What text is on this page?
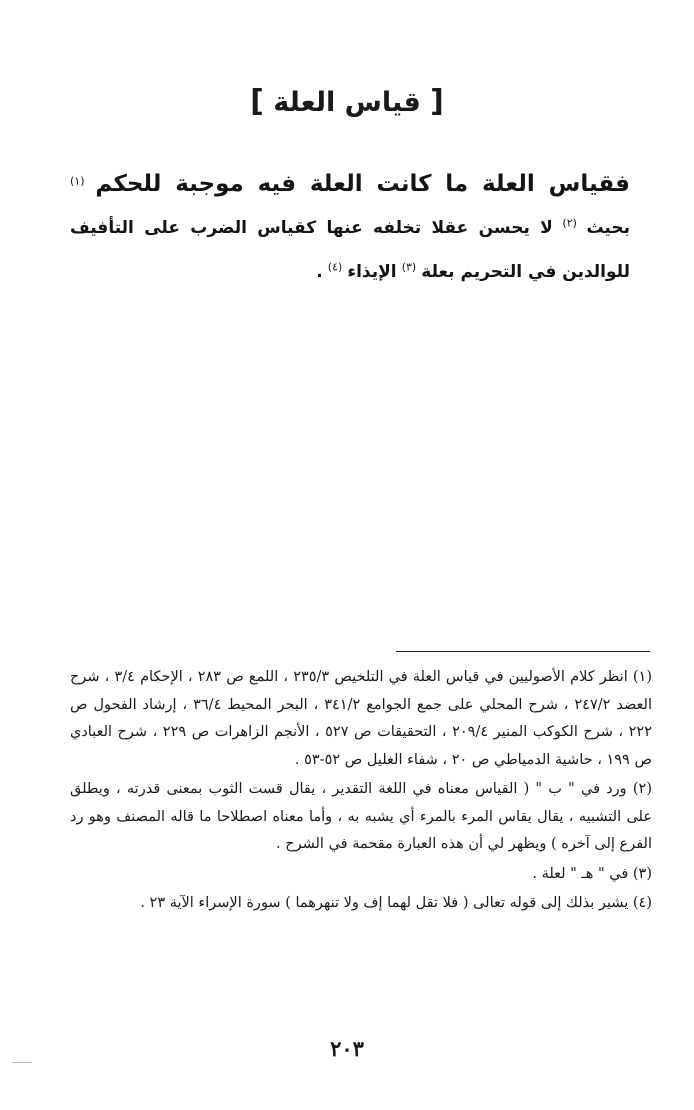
[ قياس العلة ]
فقياس العلة ما كانت العلة فيه موجبة للحكم $^{(١)}$ بحيث $^{(٢)}$ لا يحسن عقلا تخلفه عنها كقياس الضرب على التأفيف للوالدين في التحريم بعلة $^{(٣)}$ الإيذاء $^{(٤)}$ .

(١) انظر كلام الأصوليين في قياس العلة في التلخيص ٢٣٥/٣ ، اللمع ص ٢٨٣ ، الإحكام ٣/٤ ، شرح العضد ٢٤٧/٢ ، شرح المحلي على جمع الجوامع ٣٤١/٢ ، البحر المحيط ٣٦/٤ ، إرشاد الفحول ص ٢٢٢ ، شرح الكوكب المنير ٢٠٩/٤ ، التحقيقات ص ٥٢٧ ، الأنجم الزاهرات ص ٢٢٩ ، شرح العبادي ص ١٩٩ ، حاشية الدمياطي ص ٢٠ ، شفاء الغليل ص ٥٢-٥٣ .

(٢) ورد في " ب " ( القياس معناه في اللغة التقدير ، يقال قست الثوب بمعنى قدرته ، ويطلق على التشبيه ، يقال يقاس المرء بالمرء أي يشبه به ، وأما معناه اصطلاحا ما قاله المصنف وهو رد الفرع إلى آخره ) ويظهر لي أن هذه العبارة مقحمة في الشرح .

(٣) في " هـ " لعلة .

(٤) يشير بذلك إلى قوله تعالى ( فلا تقل لهما إف ولا تنهرهما ) سورة الإسراء الآية ٢٣ .

٢٠٣
